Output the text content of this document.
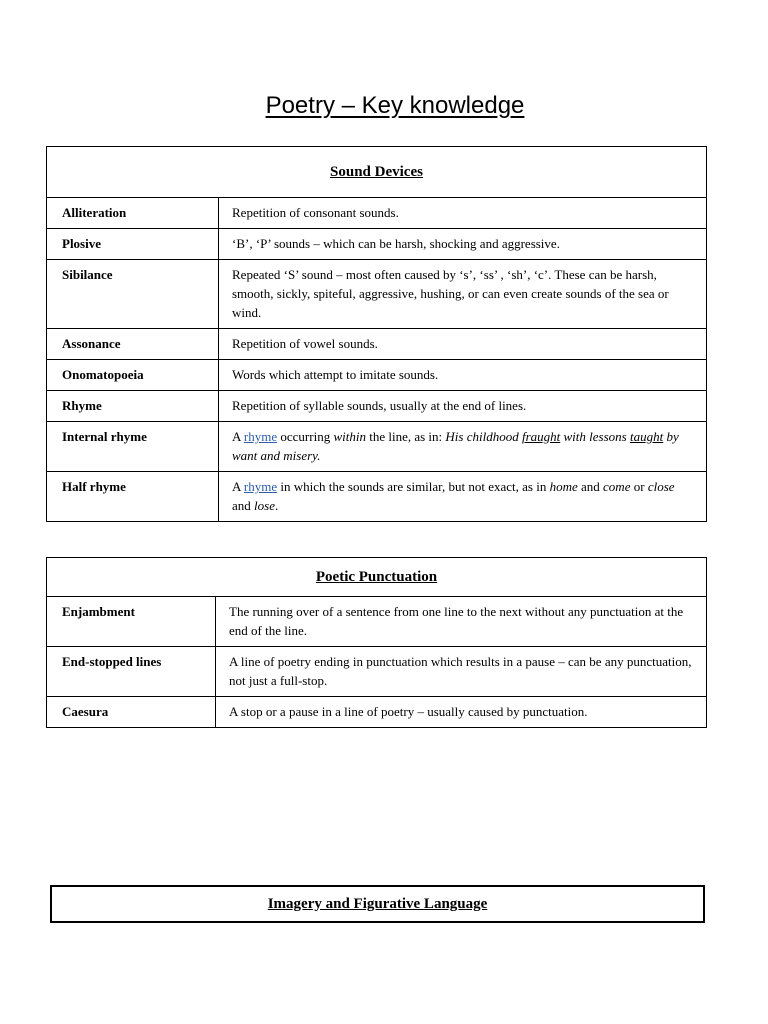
Poetry – Key knowledge
Sound Devices	
Alliteration	Repetition of consonant sounds.
Plosive	‘B’, ‘P’ sounds – which can be harsh, shocking and aggressive.
Sibilance	Repeated ‘S’ sound – most often caused by ‘s’, ‘ss’ , ‘sh’, ‘c’. These can be harsh, smooth, sickly, spiteful, aggressive, hushing, or can even create sounds of the sea or wind.
Assonance	Repetition of vowel sounds.
Onomatopoeia	Words which attempt to imitate sounds.
Rhyme	Repetition of syllable sounds, usually at the end of lines.
Internal rhyme	A rhyme occurring within the line, as in: His childhood fraught with lessons taught by want and misery.
Half rhyme	A rhyme in which the sounds are similar, but not exact, as in home and come or close and lose.
Poetic Punctuation	
Enjambment	The running over of a sentence from one line to the next without any punctuation at the end of the line.
End-stopped lines	A line of poetry ending in punctuation which results in a pause – can be any punctuation, not just a full-stop.
Caesura	A stop or a pause in a line of poetry – usually caused by punctuation.
Imagery and Figurative Language
